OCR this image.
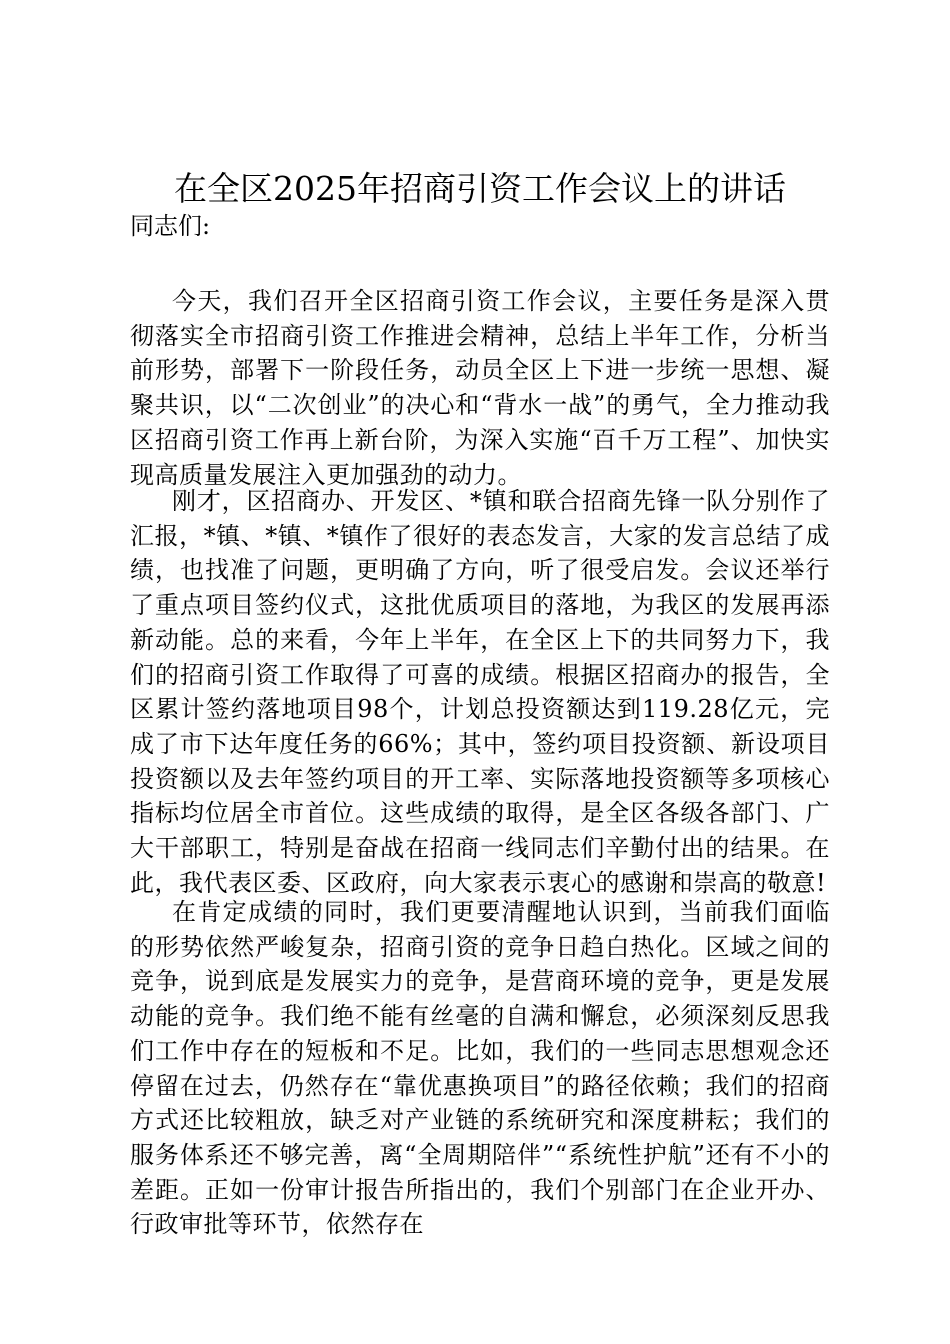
在全区2025年招商引资工作会议上的讲话

同志们:

今天，我们召开全区招商引资工作会议，主要任务是深入贯彻落实全市招商引资工作推进会精神，总结上半年工作，分析当前形势，部署下一阶段任务，动员全区上下进一步统一思想、凝聚共识，以“二次创业”的决心和“背水一战”的勇气，全力推动我区招商引资工作再上新台阶，为深入实施“百千万工程”、加快实现高质量发展注入更加强劲的动力。

刚才，区招商办、开发区、*镇和联合招商先锋一队分别作了汇报，*镇、*镇、*镇作了很好的表态发言，大家的发言总结了成绩，也找准了问题，更明确了方向，听了很受启发。会议还举行了重点项目签约仪式，这批优质项目的落地，为我区的发展再添新动能。总的来看，今年上半年，在全区上下的共同努力下，我们的招商引资工作取得了可喜的成绩。根据区招商办的报告，全区累计签约落地项目98个，计划总投资额达到119.28亿元，完成了市下达年度任务的66%；其中，签约项目投资额、新设项目投资额以及去年签约项目的开工率、实际落地投资额等多项核心指标均位居全市首位。这些成绩的取得，是全区各级各部门、广大干部职工，特别是奋战在招商一线同志们辛勤付出的结果。在此，我代表区委、区政府，向大家表示衷心的感谢和崇高的敬意!

在肯定成绩的同时，我们更要清醒地认识到，当前我们面临的形势依然严峻复杂，招商引资的竞争日趋白热化。区域之间的竞争，说到底是发展实力的竞争，是营商环境的竞争，更是发展动能的竞争。我们绝不能有丝毫的自满和懈怠，必须深刻反思我们工作中存在的短板和不足。比如，我们的一些同志思想观念还停留在过去，仍然存在“靠优惠换项目”的路径依赖；我们的招商方式还比较粗放，缺乏对产业链的系统研究和深度耕耘；我们的服务体系还不够完善，离“全周期陪伴”“系统性护航”还有不小的差距。正如一份审计报告所指出的，我们个别部门在企业开办、行政审批等环节，依然存在
